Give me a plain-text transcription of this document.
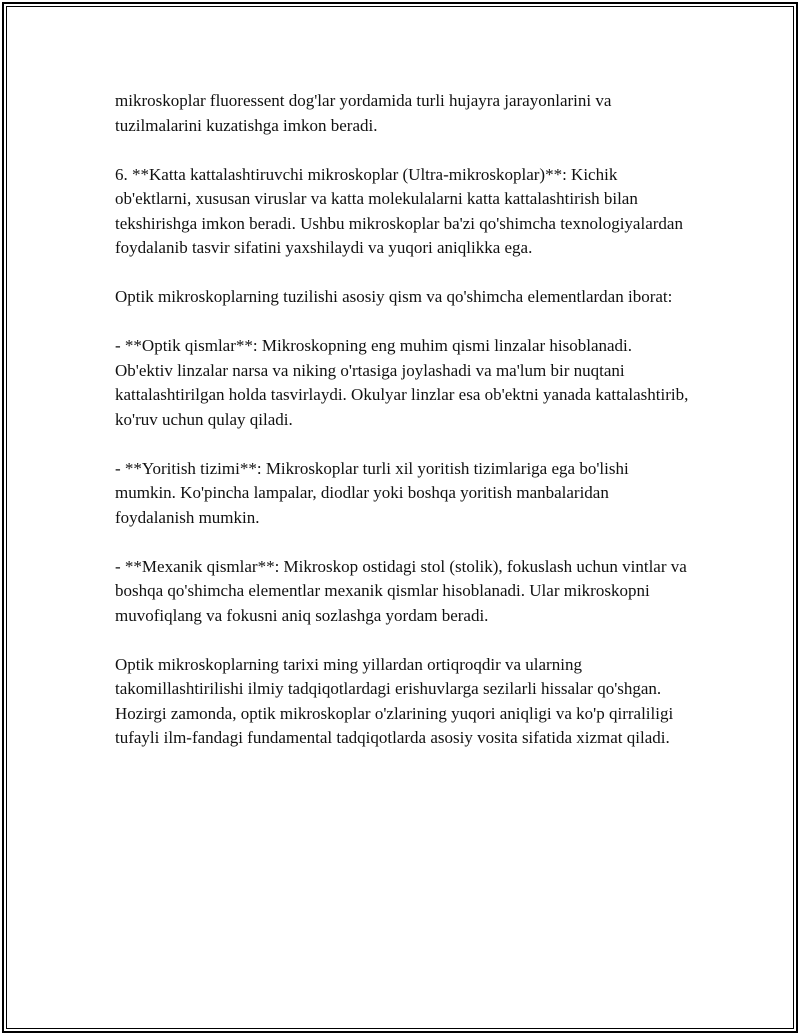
mikroskoplar fluoressent dog'lar yordamida turli hujayra jarayonlarini va tuzilmalarini kuzatishga imkon beradi.

6. **Katta kattalashtiruvchi mikroskoplar (Ultra-mikroskoplar)**: Kichik ob'ektlarni, xususan viruslar va katta molekulalarni katta kattalashtirish bilan tekshirishga imkon beradi. Ushbu mikroskoplar ba'zi qo'shimcha texnologiyalardan foydalanib tasvir sifatini yaxshilaydi va yuqori aniqlikka ega.

Optik mikroskoplarning tuzilishi asosiy qism va qo'shimcha elementlardan iborat:

- **Optik qismlar**: Mikroskopning eng muhim qismi linzalar hisoblanadi. Ob'ektiv linzalar narsa va niking o'rtasiga joylashadi va ma'lum bir nuqtani kattalashtirilgan holda tasvirlaydi. Okulyar linzlar esa ob'ektni yanada kattalashtirib, ko'ruv uchun qulay qiladi.

- **Yoritish tizimi**: Mikroskoplar turli xil yoritish tizimlariga ega bo'lishi mumkin. Ko'pincha lampalar, diodlar yoki boshqa yoritish manbalaridan foydalanish mumkin.

- **Mexanik qismlar**: Mikroskop ostidagi stol (stolik), fokuslash uchun vintlar va boshqa qo'shimcha elementlar mexanik qismlar hisoblanadi. Ular mikroskopni muvofiqlang va fokusni aniq sozlashga yordam beradi.

Optik mikroskoplarning tarixi ming yillardan ortiqroqdir va ularning takomillashtirilishi ilmiy tadqiqotlardagi erishuvlarga sezilarli hissalar qo'shgan. Hozirgi zamonda, optik mikroskoplar o'zlarining yuqori aniqligi va ko'p qirraliligi tufayli ilm-fandagi fundamental tadqiqotlarda asosiy vosita sifatida xizmat qiladi.
